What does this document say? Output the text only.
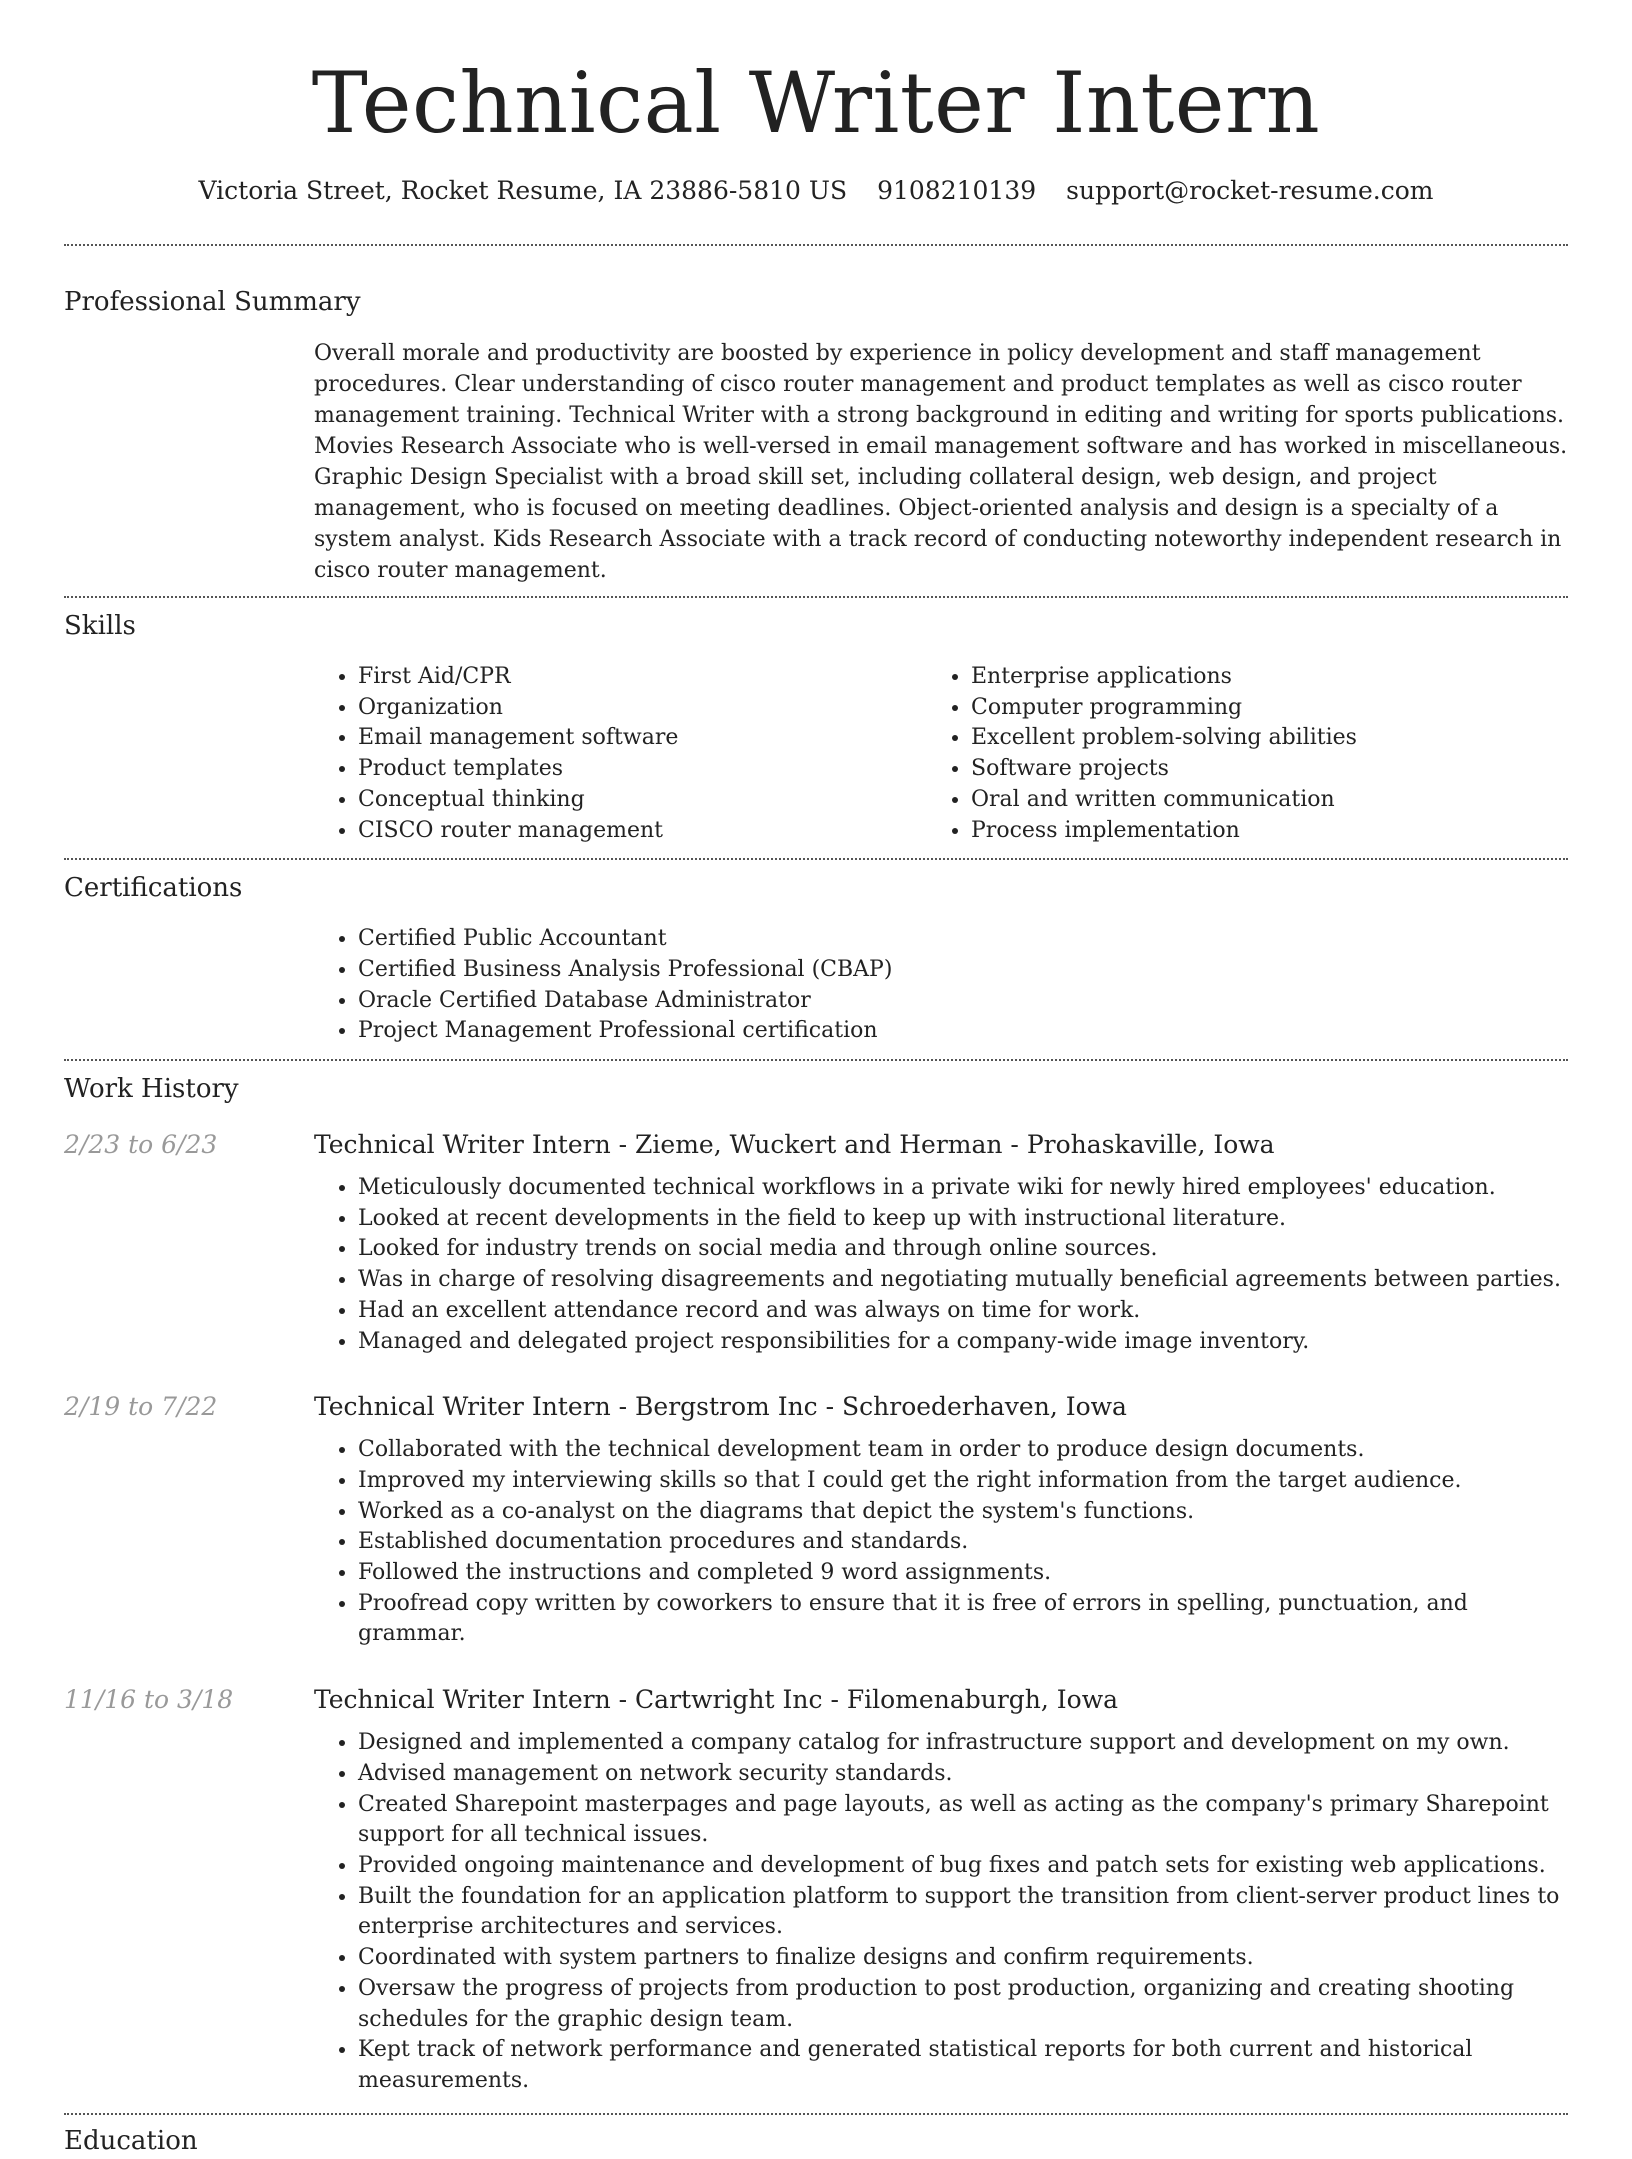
Technical Writer Intern
Victoria Street, Rocket Resume, IA 23886-5810 US 9108210139 support@rocket-resume.com
Professional Summary

Overall morale and productivity are boosted by experience in policy development and staff management procedures. Clear understanding of cisco router management and product templates as well as cisco router management training. Technical Writer with a strong background in editing and writing for sports publications. Movies Research Associate who is well-versed in email management software and has worked in miscellaneous. Graphic Design Specialist with a broad skill set, including collateral design, web design, and project management, who is focused on meeting deadlines. Object-oriented analysis and design is a specialty of a system analyst. Kids Research Associate with a track record of conducting noteworthy independent research in cisco router management.

Skills
• First Aid/CPR
• Organization
• Email management software
• Product templates
• Conceptual thinking
• CISCO router management
• Enterprise applications
• Computer programming
• Excellent problem-solving abilities
• Software projects
• Oral and written communication
• Process implementation
Certifications
• Certified Public Accountant
• Certified Business Analysis Professional (CBAP)
• Oracle Certified Database Administrator
• Project Management Professional certification
Work History
2/23 to 6/23	Technical Writer Intern - Zieme, Wuckert and Herman - Prohaskaville, Iowa
• Meticulously documented technical workflows in a private wiki for newly hired employees' education.
• Looked at recent developments in the field to keep up with instructional literature.
• Looked for industry trends on social media and through online sources.
• Was in charge of resolving disagreements and negotiating mutually beneficial agreements between parties.
• Had an excellent attendance record and was always on time for work.
• Managed and delegated project responsibilities for a company-wide image inventory.
2/19 to 7/22	Technical Writer Intern - Bergstrom Inc - Schroederhaven, Iowa
• Collaborated with the technical development team in order to produce design documents.
• Improved my interviewing skills so that I could get the right information from the target audience.
• Worked as a co-analyst on the diagrams that depict the system's functions.
• Established documentation procedures and standards.
• Followed the instructions and completed 9 word assignments.
• Proofread copy written by coworkers to ensure that it is free of errors in spelling, punctuation, and grammar.
11/16 to 3/18	Technical Writer Intern - Cartwright Inc - Filomenaburgh, Iowa
• Designed and implemented a company catalog for infrastructure support and development on my own.
• Advised management on network security standards.
• Created Sharepoint masterpages and page layouts, as well as acting as the company's primary Sharepoint support for all technical issues.
• Provided ongoing maintenance and development of bug fixes and patch sets for existing web applications.
• Built the foundation for an application platform to support the transition from client-server product lines to enterprise architectures and services.
• Coordinated with system partners to finalize designs and confirm requirements.
• Oversaw the progress of projects from production to post production, organizing and creating shooting schedules for the graphic design team.
• Kept track of network performance and generated statistical reports for both current and historical measurements.
Education
